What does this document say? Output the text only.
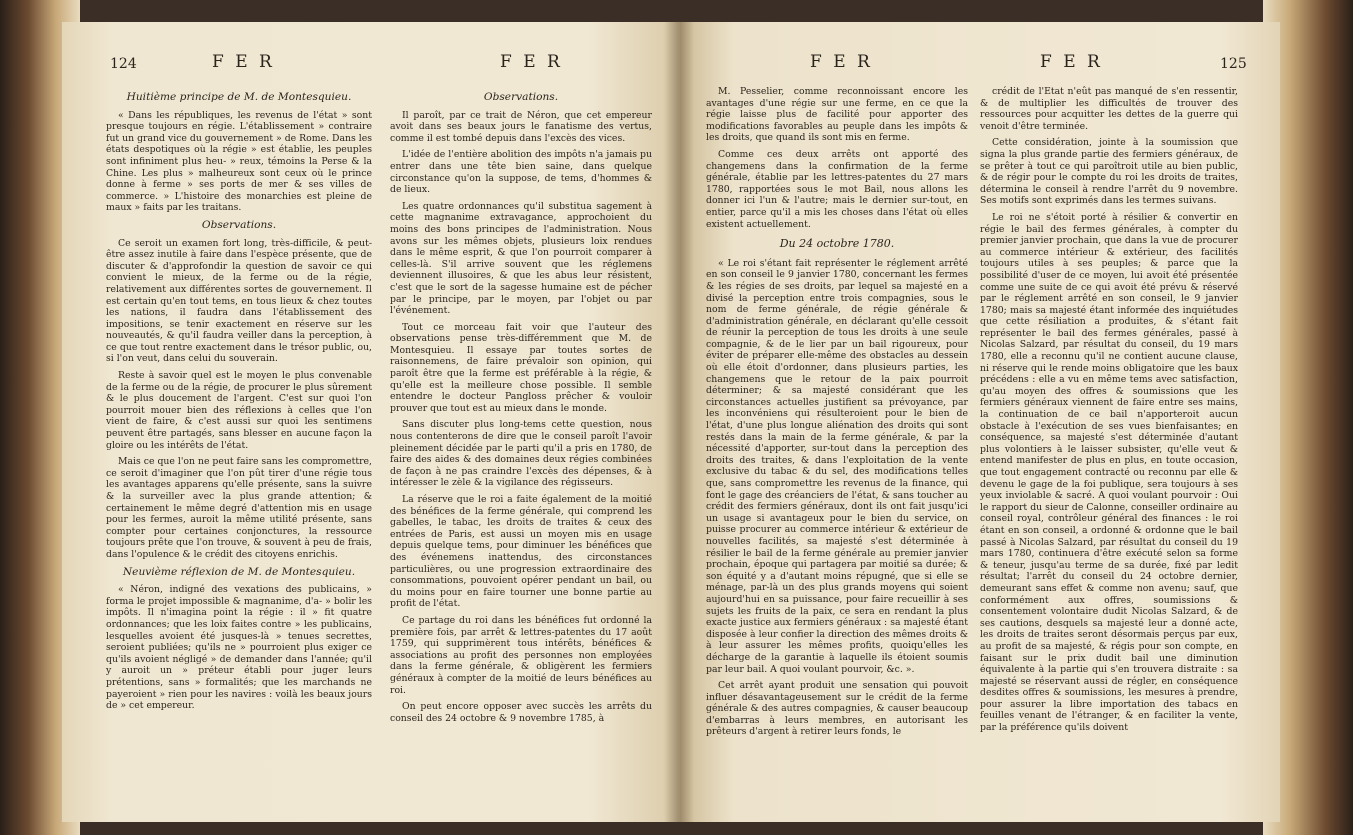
124	F E R	F E R

Huitième principe de M. de Montesquieu.

« Dans les républiques, les revenus de l'état » sont presque toujours en régie. L'établissement » contraire fut un grand vice du gouvernement » de Rome. Dans les états despotiques où la régie » est établie, les peuples sont infiniment plus heu- » reux, témoins la Perse & la Chine. Les plus » malheureux sont ceux où le prince donne à ferme » ses ports de mer & ses villes de commerce. » L'histoire des monarchies est pleine de maux » faits par les traitans.

Observations.

Ce seroit un examen fort long, très-difficile, & peut-être assez inutile à faire dans l'espèce présente, que de discuter & d'approfondir la question de savoir ce qui convient le mieux, de la ferme ou de la régie, relativement aux différentes sortes de gouvernement. Il est certain qu'en tout tems, en tous lieux & chez toutes les nations, il faudra dans l'établissement des impositions, se tenir exactement en réserve sur les nouveautés, & qu'il faudra veiller dans la perception, à ce que tout rentre exactement dans le trésor public, ou, si l'on veut, dans celui du souverain.

Reste à savoir quel est le moyen le plus convenable de la ferme ou de la régie, de procurer le plus sûrement & le plus doucement de l'argent. C'est sur quoi l'on pourroit mouer bien des réflexions à celles que l'on vient de faire, & c'est aussi sur quoi les sentimens peuvent être partagés, sans blesser en aucune façon la gloire ou les intérêts de l'état.

Mais ce que l'on ne peut faire sans les compromettre, ce seroit d'imaginer que l'on pût tirer d'une régie tous les avantages apparens qu'elle présente, sans la suivre & la surveiller avec la plus grande attention; & certainement le même degré d'attention mis en usage pour les fermes, auroit la même utilité présente, sans compter pour certaines conjonctures, la ressource toujours prête que l'on trouve, & souvent à peu de frais, dans l'opulence & le crédit des citoyens enrichis.

Neuvième réflexion de M. de Montesquieu.

« Néron, indigné des vexations des publicains, » forma le projet impossible & magnanime, d'a- » bolir les impôts. Il n'imagina point la régie : il » fit quatre ordonnances; que les loix faites contre » les publicains, lesquelles avoient été jusques-là » tenues secrettes, seroient publiées; qu'ils ne » pourroient plus exiger ce qu'ils avoient négligé » de demander dans l'année; qu'il y auroit un » préteur établi pour juger leurs prétentions, sans » formalités; que les marchands ne payeroient » rien pour les navires : voilà les beaux jours de » cet empereur.

Observations.

Il paroît, par ce trait de Néron, que cet empereur avoit dans ses beaux jours le fanatisme des vertus, comme il est tombé depuis dans l'excès des vices.

L'idée de l'entière abolition des impôts n'a jamais pu entrer dans une tête bien saine, dans quelque circonstance qu'on la suppose, de tems, d'hommes & de lieux.

Les quatre ordonnances qu'il substitua sagement à cette magnanime extravagance, approchoient du moins des bons principes de l'administration. Nous avons sur les mêmes objets, plusieurs loix rendues dans le même esprit, & que l'on pourroit comparer à celles-là. S'il arrive souvent que les réglemens deviennent illusoires, & que les abus leur résistent, c'est que le sort de la sagesse humaine est de pécher par le principe, par le moyen, par l'objet ou par l'événement.

Tout ce morceau fait voir que l'auteur des observations pense très-différemment que M. de Montesquieu. Il essaye par toutes sortes de raisonnemens, de faire prévaloir son opinion, qui paroît être que la ferme est préférable à la régie, & qu'elle est la meilleure chose possible. Il semble entendre le docteur Pangloss prêcher & vouloir prouver que tout est au mieux dans le monde.

Sans discuter plus long-tems cette question, nous nous contenterons de dire que le conseil paroît l'avoir pleinement décidée par le parti qu'il a pris en 1780, de faire des aides & des domaines deux régies combinées de façon à ne pas craindre l'excès des dépenses, & à intéresser le zèle & la vigilance des régisseurs.

La réserve que le roi a faite également de la moitié des bénéfices de la ferme générale, qui comprend les gabelles, le tabac, les droits de traites & ceux des entrées de Paris, est aussi un moyen mis en usage depuis quelque tems, pour diminuer les bénéfices que des événemens inattendus, des circonstances particulières, ou une progression extraordinaire des consommations, pouvoient opérer pendant un bail, ou du moins pour en faire tourner une bonne partie au profit de l'état.

Ce partage du roi dans les bénéfices fut ordonné la première fois, par arrêt & lettres-patentes du 17 août 1759, qui supprimèrent tous intérêts, bénéfices & associations au profit des personnes non employées dans la ferme générale, & obligèrent les fermiers généraux à compter de la moitié de leurs bénéfices au roi.

On peut encore opposer avec succès les arrêts du conseil des 24 octobre & 9 novembre 1785, à

F E R	F E R	125

M. Pesselier, comme reconnoissant encore les avantages d'une régie sur une ferme, en ce que la régie laisse plus de facilité pour apporter des modifications favorables au peuple dans les impôts & les droits, que quand ils sont mis en ferme.

Comme ces deux arrêts ont apporté des changemens dans la confirmation de la ferme générale, établie par les lettres-patentes du 27 mars 1780, rapportées sous le mot Bail, nous allons les donner ici l'un & l'autre; mais le dernier sur-tout, en entier, parce qu'il a mis les choses dans l'état où elles existent actuellement.

Du 24 octobre 1780.

« Le roi s'étant fait représenter le réglement arrêté en son conseil le 9 janvier 1780, concernant les fermes & les régies de ses droits, par lequel sa majesté en a divisé la perception entre trois compagnies, sous le nom de ferme générale, de régie générale & d'administration générale, en déclarant qu'elle cessoit de réunir la perception de tous les droits à une seule compagnie, & de le lier par un bail rigoureux, pour éviter de préparer elle-même des obstacles au dessein où elle étoit d'ordonner, dans plusieurs parties, les changemens que le retour de la paix pourroit déterminer; & sa majesté considérant que les circonstances actuelles justifient sa prévoyance, par les inconvéniens qui résulteroient pour le bien de l'état, d'une plus longue aliénation des droits qui sont restés dans la main de la ferme générale, & par la nécessité d'apporter, sur-tout dans la perception des droits des traites, & dans l'exploitation de la vente exclusive du tabac & du sel, des modifications telles que, sans compromettre les revenus de la finance, qui font le gage des créanciers de l'état, & sans toucher au crédit des fermiers généraux, dont ils ont fait jusqu'ici un usage si avantageux pour le bien du service, on puisse procurer au commerce intérieur & extérieur de nouvelles facilités, sa majesté s'est déterminée à résilier le bail de la ferme générale au premier janvier prochain, époque qui partagera par moitié sa durée; & son équité y a d'autant moins répugné, que si elle se ménage, par-là un des plus grands moyens qui soient aujourd'hui en sa puissance, pour faire recueillir à ses sujets les fruits de la paix, ce sera en rendant la plus exacte justice aux fermiers généraux : sa majesté étant disposée à leur confier la direction des mêmes droits & à leur assurer les mêmes profits, quoiqu'elles les décharge de la garantie à laquelle ils étoient soumis par leur bail. A quoi voulant pourvoir, &c. ».

Cet arrêt ayant produit une sensation qui pouvoit influer désavantageusement sur le crédit de la ferme générale & des autres compagnies, & causer beaucoup d'embarras à leurs membres, en autorisant les prêteurs d'argent à retirer leurs fonds, le

crédit de l'Etat n'eût pas manqué de s'en ressentir, & de multiplier les difficultés de trouver des ressources pour acquitter les dettes de la guerre qui venoit d'être terminée.

Cette considération, jointe à la soumission que signa la plus grande partie des fermiers généraux, de se prêter à tout ce qui paroîtroit utile au bien public, & de régir pour le compte du roi les droits de traites, détermina le conseil à rendre l'arrêt du 9 novembre. Ses motifs sont exprimés dans les termes suivans.

Le roi ne s'étoit porté à résilier & convertir en régie le bail des fermes générales, à compter du premier janvier prochain, que dans la vue de procurer au commerce intérieur & extérieur, des facilités toujours utiles à ses peuples; & parce que la possibilité d'user de ce moyen, lui avoit été présentée comme une suite de ce qui avoit été prévu & réservé par le réglement arrêté en son conseil, le 9 janvier 1780; mais sa majesté étant informée des inquiétudes que cette résiliation a produites, & s'étant fait représenter le bail des fermes générales, passé à Nicolas Salzard, par résultat du conseil, du 19 mars 1780, elle a reconnu qu'il ne contient aucune clause, ni réserve qui le rende moins obligatoire que les baux précédens : elle a vu en même tems avec satisfaction, qu'au moyen des offres & soumissions que les fermiers généraux viennent de faire entre ses mains, la continuation de ce bail n'apporteroit aucun obstacle à l'exécution de ses vues bienfaisantes; en conséquence, sa majesté s'est déterminée d'autant plus volontiers à le laisser subsister, qu'elle veut & entend manifester de plus en plus, en toute occasion, que tout engagement contracté ou reconnu par elle & devenu le gage de la foi publique, sera toujours à ses yeux inviolable & sacré. A quoi voulant pourvoir : Oui le rapport du sieur de Calonne, conseiller ordinaire au conseil royal, contrôleur général des finances : le roi étant en son conseil, a ordonné & ordonne que le bail passé à Nicolas Salzard, par résultat du conseil du 19 mars 1780, continuera d'être exécuté selon sa forme & teneur, jusqu'au terme de sa durée, fixé par ledit résultat; l'arrêt du conseil du 24 octobre dernier, demeurant sans effet & comme non avenu; sauf, que conformément aux offres, soumissions & consentement volontaire dudit Nicolas Salzard, & de ses cautions, desquels sa majesté leur a donné acte, les droits de traites seront désormais perçus par eux, au profit de sa majesté, & régis pour son compte, en faisant sur le prix dudit bail une diminution équivalente à la partie qui s'en trouvera distraite : sa majesté se réservant aussi de régler, en conséquence desdites offres & soumissions, les mesures à prendre, pour assurer la libre importation des tabacs en feuilles venant de l'étranger, & en faciliter la vente, par la préférence qu'ils doivent
